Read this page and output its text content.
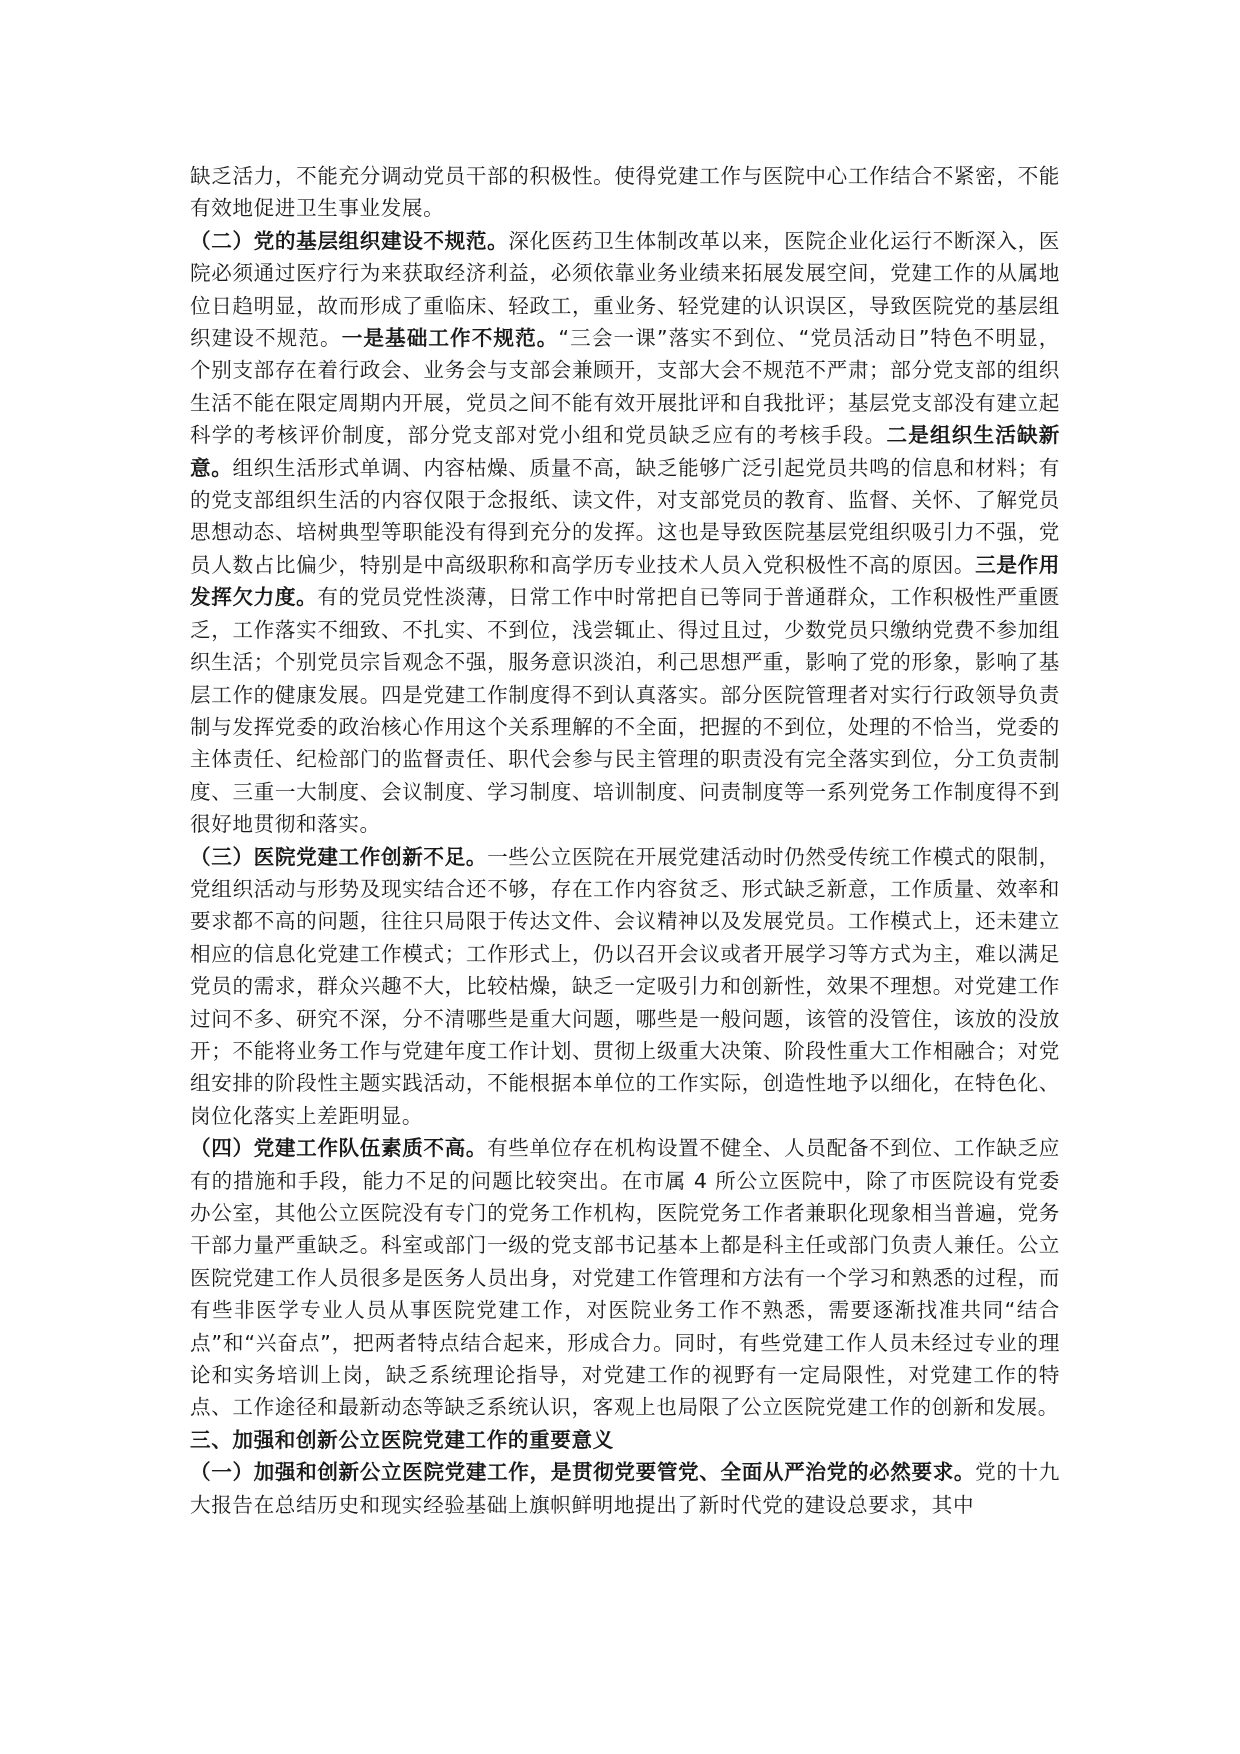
缺乏活力，不能充分调动党员干部的积极性。使得党建工作与医院中心工作结合不紧密，不能有效地促进卫生事业发展。

（二）党的基层组织建设不规范。深化医药卫生体制改革以来，医院企业化运行不断深入，医院必须通过医疗行为来获取经济利益，必须依靠业务业绩来拓展发展空间，党建工作的从属地位日趋明显，故而形成了重临床、轻政工，重业务、轻党建的认识误区，导致医院党的基层组织建设不规范。一是基础工作不规范。“三会一课”落实不到位、“党员活动日”特色不明显，个别支部存在着行政会、业务会与支部会兼顾开，支部大会不规范不严肃；部分党支部的组织生活不能在限定周期内开展，党员之间不能有效开展批评和自我批评；基层党支部没有建立起科学的考核评价制度，部分党支部对党小组和党员缺乏应有的考核手段。二是组织生活缺新意。组织生活形式单调、内容枯燥、质量不高，缺乏能够广泛引起党员共鸣的信息和材料；有的党支部组织生活的内容仅限于念报纸、读文件，对支部党员的教育、监督、关怀、了解党员思想动态、培树典型等职能没有得到充分的发挥。这也是导致医院基层党组织吸引力不强，党员人数占比偏少，特别是中高级职称和高学历专业技术人员入党积极性不高的原因。三是作用发挥欠力度。有的党员党性淡薄，日常工作中时常把自已等同于普通群众，工作积极性严重匮乏，工作落实不细致、不扎实、不到位，浅尝辄止、得过且过，少数党员只缴纳党费不参加组织生活；个别党员宗旨观念不强，服务意识淡泊，利己思想严重，影响了党的形象，影响了基层工作的健康发展。四是党建工作制度得不到认真落实。部分医院管理者对实行行政领导负责制与发挥党委的政治核心作用这个关系理解的不全面，把握的不到位，处理的不恰当，党委的主体责任、纪检部门的监督责任、职代会参与民主管理的职责没有完全落实到位，分工负责制度、三重一大制度、会议制度、学习制度、培训制度、问责制度等一系列党务工作制度得不到很好地贯彻和落实。

（三）医院党建工作创新不足。一些公立医院在开展党建活动时仍然受传统工作模式的限制，党组织活动与形势及现实结合还不够，存在工作内容贫乏、形式缺乏新意，工作质量、效率和要求都不高的问题，往往只局限于传达文件、会议精神以及发展党员。工作模式上，还未建立相应的信息化党建工作模式；工作形式上，仍以召开会议或者开展学习等方式为主，难以满足党员的需求，群众兴趣不大，比较枯燥，缺乏一定吸引力和创新性，效果不理想。对党建工作过问不多、研究不深，分不清哪些是重大问题，哪些是一般问题，该管的没管住，该放的没放开；不能将业务工作与党建年度工作计划、贯彻上级重大决策、阶段性重大工作相融合；对党组安排的阶段性主题实践活动，不能根据本单位的工作实际，创造性地予以细化，在特色化、岗位化落实上差距明显。

（四）党建工作队伍素质不高。有些单位存在机构设置不健全、人员配备不到位、工作缺乏应有的措施和手段，能力不足的问题比较突出。在市属 4 所公立医院中，除了市医院设有党委办公室，其他公立医院没有专门的党务工作机构，医院党务工作者兼职化现象相当普遍，党务干部力量严重缺乏。科室或部门一级的党支部书记基本上都是科主任或部门负责人兼任。公立医院党建工作人员很多是医务人员出身，对党建工作管理和方法有一个学习和熟悉的过程，而有些非医学专业人员从事医院党建工作，对医院业务工作不熟悉，需要逐渐找准共同“结合点”和“兴奋点”，把两者特点结合起来，形成合力。同时，有些党建工作人员未经过专业的理论和实务培训上岗，缺乏系统理论指导，对党建工作的视野有一定局限性，对党建工作的特点、工作途径和最新动态等缺乏系统认识，客观上也局限了公立医院党建工作的创新和发展。

三、加强和创新公立医院党建工作的重要意义

（一）加强和创新公立医院党建工作，是贯彻党要管党、全面从严治党的必然要求。党的十九大报告在总结历史和现实经验基础上旗帜鲜明地提出了新时代党的建设总要求，其中
